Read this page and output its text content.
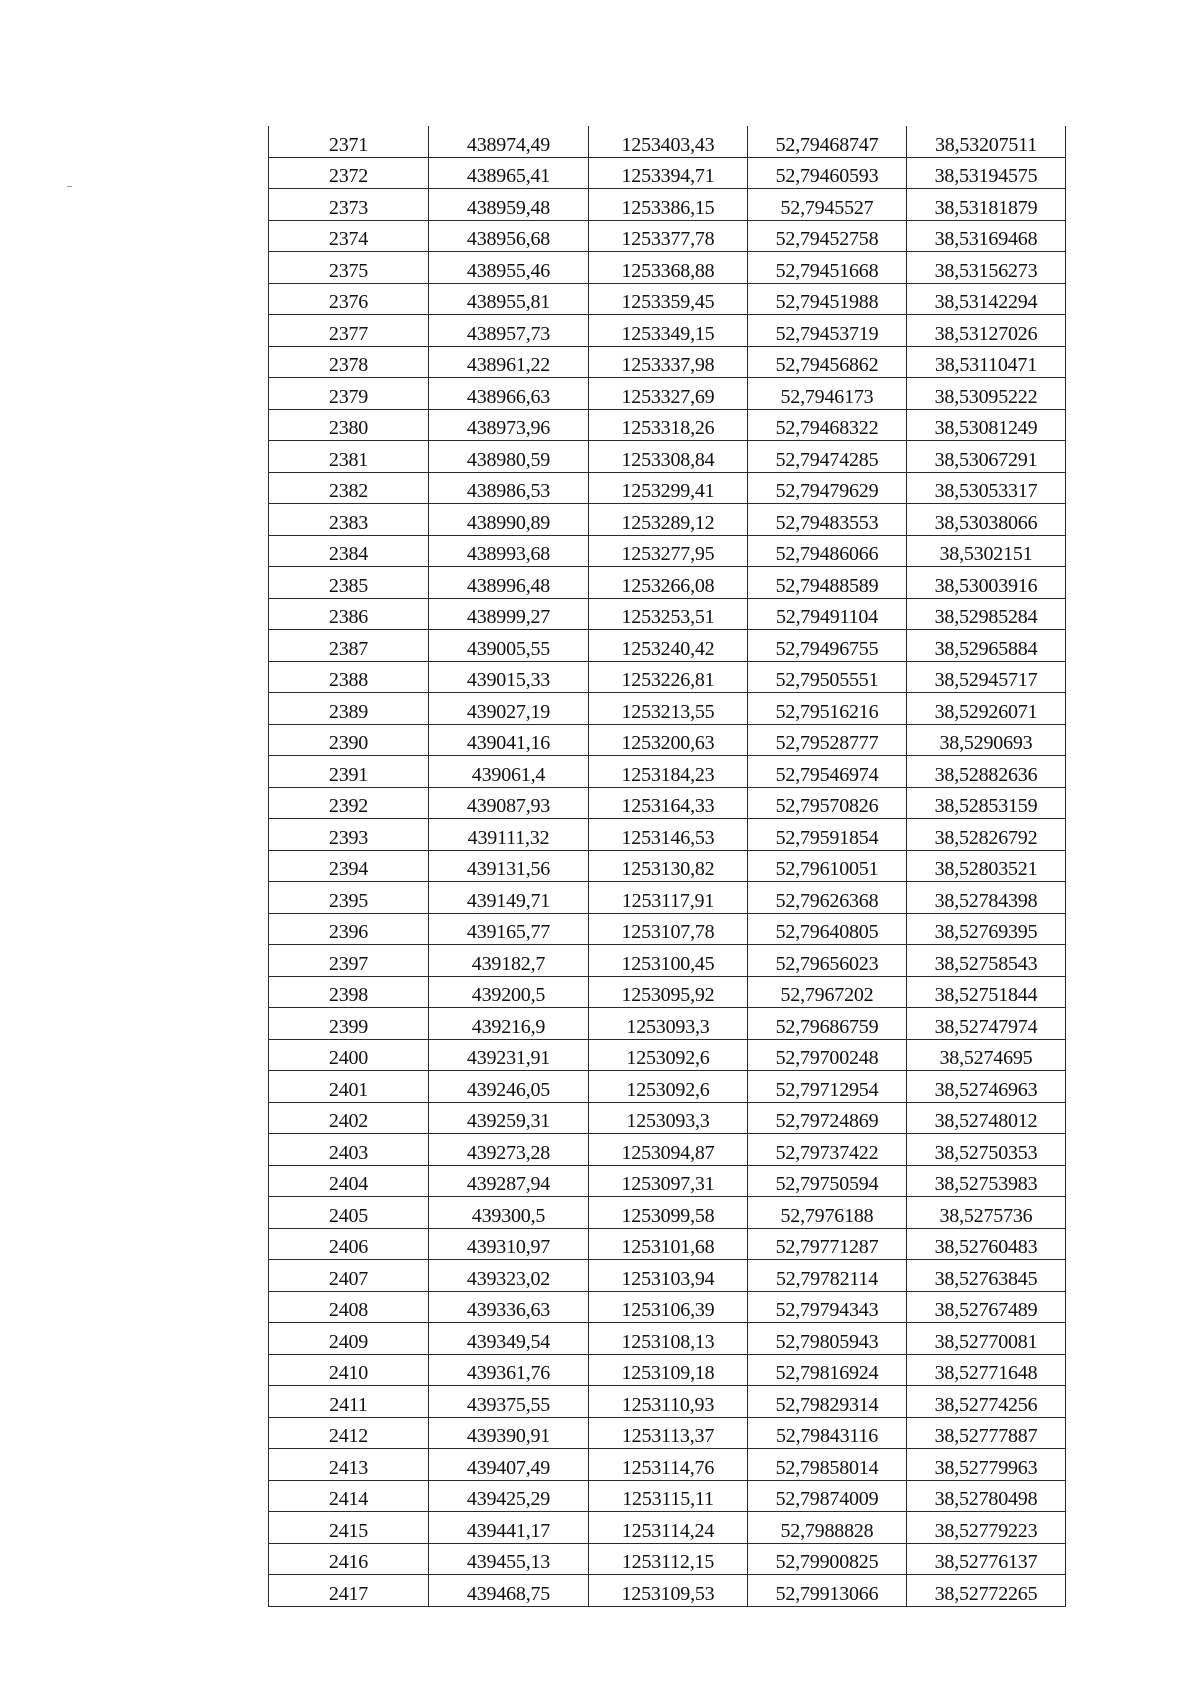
2371	438974,49	1253403,43	52,79468747	38,53207511
2372	438965,41	1253394,71	52,79460593	38,53194575
2373	438959,48	1253386,15	52,7945527	38,53181879
2374	438956,68	1253377,78	52,79452758	38,53169468
2375	438955,46	1253368,88	52,79451668	38,53156273
2376	438955,81	1253359,45	52,79451988	38,53142294
2377	438957,73	1253349,15	52,79453719	38,53127026
2378	438961,22	1253337,98	52,79456862	38,53110471
2379	438966,63	1253327,69	52,7946173	38,53095222
2380	438973,96	1253318,26	52,79468322	38,53081249
2381	438980,59	1253308,84	52,79474285	38,53067291
2382	438986,53	1253299,41	52,79479629	38,53053317
2383	438990,89	1253289,12	52,79483553	38,53038066
2384	438993,68	1253277,95	52,79486066	38,5302151
2385	438996,48	1253266,08	52,79488589	38,53003916
2386	438999,27	1253253,51	52,79491104	38,52985284
2387	439005,55	1253240,42	52,79496755	38,52965884
2388	439015,33	1253226,81	52,79505551	38,52945717
2389	439027,19	1253213,55	52,79516216	38,52926071
2390	439041,16	1253200,63	52,79528777	38,5290693
2391	439061,4	1253184,23	52,79546974	38,52882636
2392	439087,93	1253164,33	52,79570826	38,52853159
2393	439111,32	1253146,53	52,79591854	38,52826792
2394	439131,56	1253130,82	52,79610051	38,52803521
2395	439149,71	1253117,91	52,79626368	38,52784398
2396	439165,77	1253107,78	52,79640805	38,52769395
2397	439182,7	1253100,45	52,79656023	38,52758543
2398	439200,5	1253095,92	52,7967202	38,52751844
2399	439216,9	1253093,3	52,79686759	38,52747974
2400	439231,91	1253092,6	52,79700248	38,5274695
2401	439246,05	1253092,6	52,79712954	38,52746963
2402	439259,31	1253093,3	52,79724869	38,52748012
2403	439273,28	1253094,87	52,79737422	38,52750353
2404	439287,94	1253097,31	52,79750594	38,52753983
2405	439300,5	1253099,58	52,7976188	38,5275736
2406	439310,97	1253101,68	52,79771287	38,52760483
2407	439323,02	1253103,94	52,79782114	38,52763845
2408	439336,63	1253106,39	52,79794343	38,52767489
2409	439349,54	1253108,13	52,79805943	38,52770081
2410	439361,76	1253109,18	52,79816924	38,52771648
2411	439375,55	1253110,93	52,79829314	38,52774256
2412	439390,91	1253113,37	52,79843116	38,52777887
2413	439407,49	1253114,76	52,79858014	38,52779963
2414	439425,29	1253115,11	52,79874009	38,52780498
2415	439441,17	1253114,24	52,7988828	38,52779223
2416	439455,13	1253112,15	52,79900825	38,52776137
2417	439468,75	1253109,53	52,79913066	38,52772265
